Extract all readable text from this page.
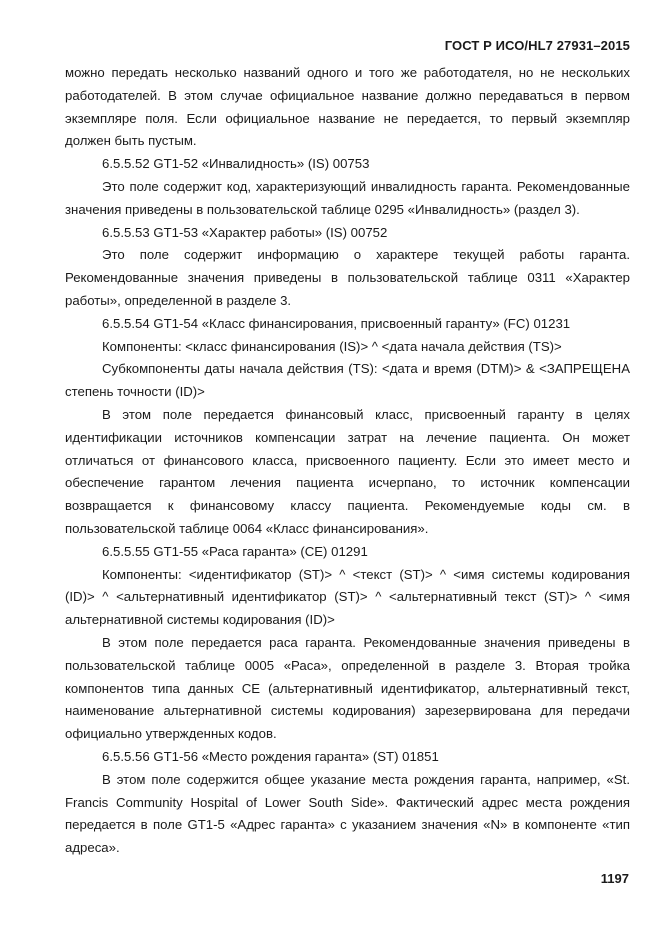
ГОСТ Р ИСО/HL7 27931–2015

можно передать несколько названий одного и того же работодателя, но не нескольких работодателей. В этом случае официальное название должно передаваться в первом экземпляре поля. Если официальное название не передается, то первый экземпляр должен быть пустым.

6.5.5.52 GT1-52 «Инвалидность» (IS) 00753

Это поле содержит код, характеризующий инвалидность гаранта. Рекомендованные значения приведены в пользовательской таблице 0295 «Инвалидность» (раздел 3).

6.5.5.53 GT1-53 «Характер работы» (IS) 00752

Это поле содержит информацию о характере текущей работы гаранта. Рекомендованные значения приведены в пользовательской таблице 0311 «Характер работы», определенной в разделе 3.

6.5.5.54 GT1-54 «Класс финансирования, присвоенный гаранту» (FC) 01231

Компоненты: <класс финансирования (IS)> ^ <дата начала действия (TS)>

Субкомпоненты даты начала действия (TS): <дата и время (DTM)> & <ЗАПРЕЩЕНА степень точности (ID)>

В этом поле передается финансовый класс, присвоенный гаранту в целях идентификации источников компенсации затрат на лечение пациента. Он может отличаться от финансового класса, присвоенного пациенту. Если это имеет место и обеспечение гарантом лечения пациента исчерпано, то источник компенсации возвращается к финансовому классу пациента. Рекомендуемые коды см. в пользовательской таблице 0064 «Класс финансирования».

6.5.5.55 GT1-55 «Раса гаранта» (CE) 01291

Компоненты: <идентификатор (ST)> ^ <текст (ST)> ^ <имя системы кодирования (ID)> ^ <альтернативный идентификатор (ST)> ^ <альтернативный текст (ST)> ^ <имя альтернативной системы кодирования (ID)>

В этом поле передается раса гаранта. Рекомендованные значения приведены в пользовательской таблице 0005 «Раса», определенной в разделе 3. Вторая тройка компонентов типа данных CE (альтернативный идентификатор, альтернативный текст, наименование альтернативной системы кодирования) зарезервирована для передачи официально утвержденных кодов.

6.5.5.56 GT1-56 «Место рождения гаранта» (ST) 01851

В этом поле содержится общее указание места рождения гаранта, например, «St. Francis Community Hospital of Lower South Side». Фактический адрес места рождения передается в поле GT1-5 «Адрес гаранта» с указанием значения «N» в компоненте «тип адреса».

1197
